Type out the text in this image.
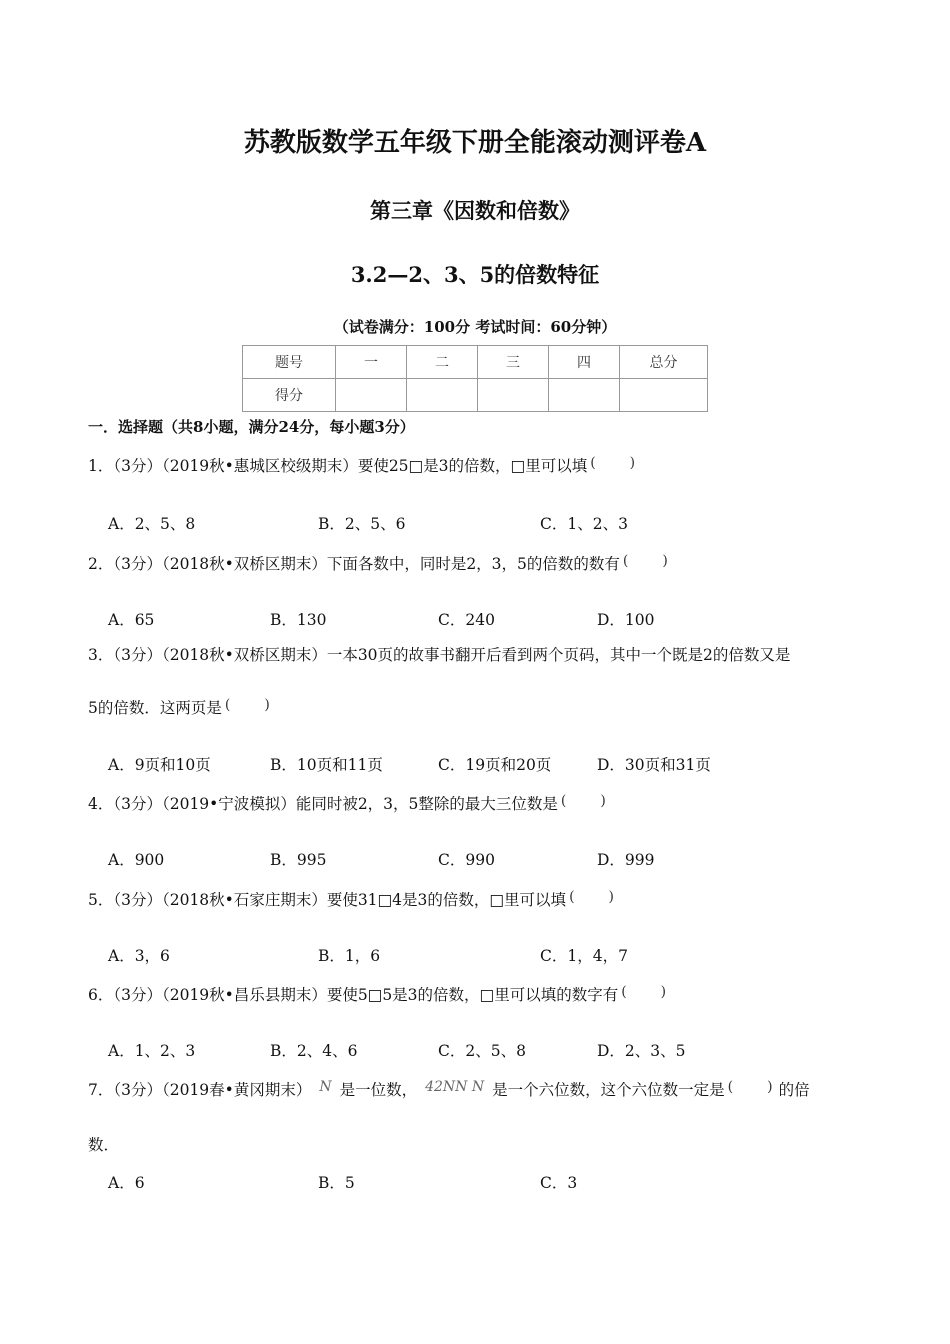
苏教版数学五年级下册全能滚动测评卷A
第三章《因数和倍数》
3.2—2、3、5的倍数特征
（试卷满分：100分 考试时间：60分钟）
题号	一	二	三	四	总分
得分					
一．选择题（共8小题，满分24分，每小题3分）
1．（3分）（2019秋•惠城区校级期末）要使25□是3的倍数，□里可以填 ( )
A．2、5、8	B．2、5、6	C．1、2、3
2．（3分）（2018秋•双桥区期末）下面各数中，同时是2，3，5的倍数的数有 ( )
A．65	B．130	C．240	D．100
3．（3分）（2018秋•双桥区期末）一本30页的故事书翻开后看到两个页码，其中一个既是2的倍数又是
5的倍数．这两页是 ( )
A．9页和10页	B．10页和11页	C．19页和20页	D．30页和31页
4．（3分）（2019•宁波模拟）能同时被2，3，5整除的最大三位数是 ( )
A．900	B．995	C．990	D．999
5．（3分）（2018秋•石家庄期末）要使31□4是3的倍数，□里可以填 ( )
A．3，6	B．1，6	C．1，4，7
6．（3分）（2019秋•昌乐县期末）要使5□5是3的倍数，□里可以填的数字有 ( )
A．1、2、3	B．2、4、6	C．2、5、8	D．2、3、5
7．（3分）（2019春•黄冈期末） N 是一位数， 42NN N 是一个六位数，这个六位数一定是 ( ) 的倍
数．
A．6	B．5	C．3
